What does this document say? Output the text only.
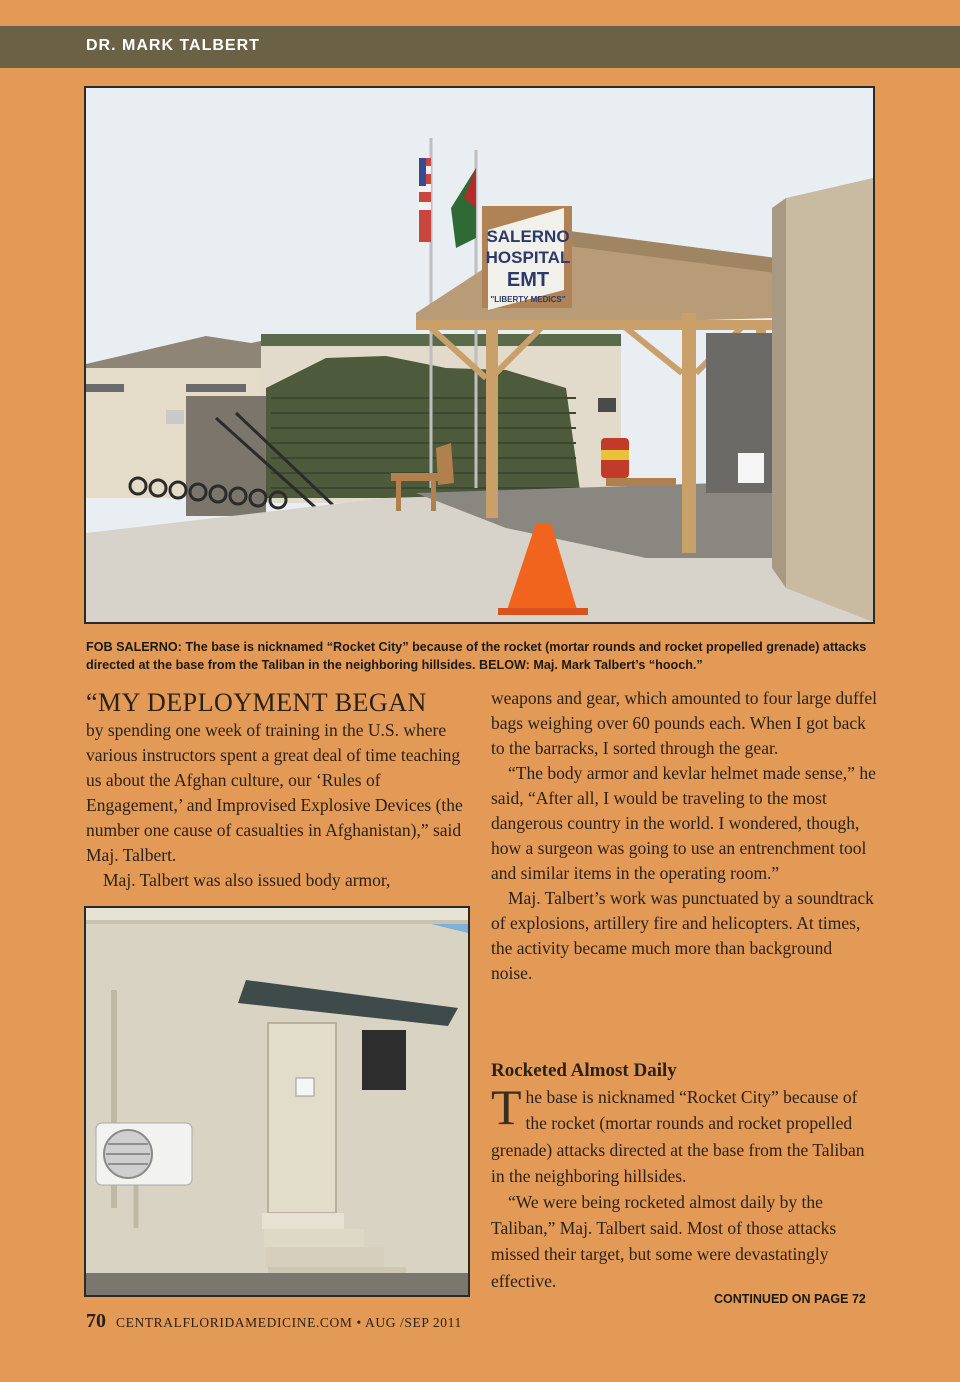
DR. MARK TALBERT
SALERNO
HOSPITAL
EMT
"LIBERTY MEDICS"
FOB SALERNO: The base is nicknamed “Rocket City” because of the rocket (mortar rounds and rocket propelled grenade) attacks directed at the base from the Taliban in the neighboring hillsides. BELOW: Maj. Mark Talbert’s “hooch.”
“MY DEPLOYMENT BEGAN

by spending one week of training in the U.S. where various instructors spent a great deal of time teaching us about the Afghan culture, our ‘Rules of Engagement,’ and Improvised Explosive Devices (the number one cause of casualties in Afghanistan),” said Maj. Talbert.

Maj. Talbert was also issued body armor,

weapons and gear, which amounted to four large duffel bags weighing over 60 pounds each. When I got back to the barracks, I sorted through the gear.

“The body armor and kevlar helmet made sense,” he said, “After all, I would be traveling to the most dangerous country in the world. I wondered, though, how a surgeon was going to use an entrenchment tool and similar items in the operating room.”

Maj. Talbert’s work was punctuated by a soundtrack of explosions, artillery fire and helicopters. At times, the activity became much more than background noise.

Rocketed Almost Daily

The base is nicknamed “Rocket City” because of the rocket (mortar rounds and rocket propelled grenade) attacks directed at the base from the Taliban in the neighboring hillsides.

“We were being rocketed almost daily by the Taliban,” Maj. Talbert said. Most of those attacks missed their target, but some were devastatingly effective.

CONTINUED ON PAGE 72
70 CENTRALFLORIDAMEDICINE.COM • AUG /SEP 2011
